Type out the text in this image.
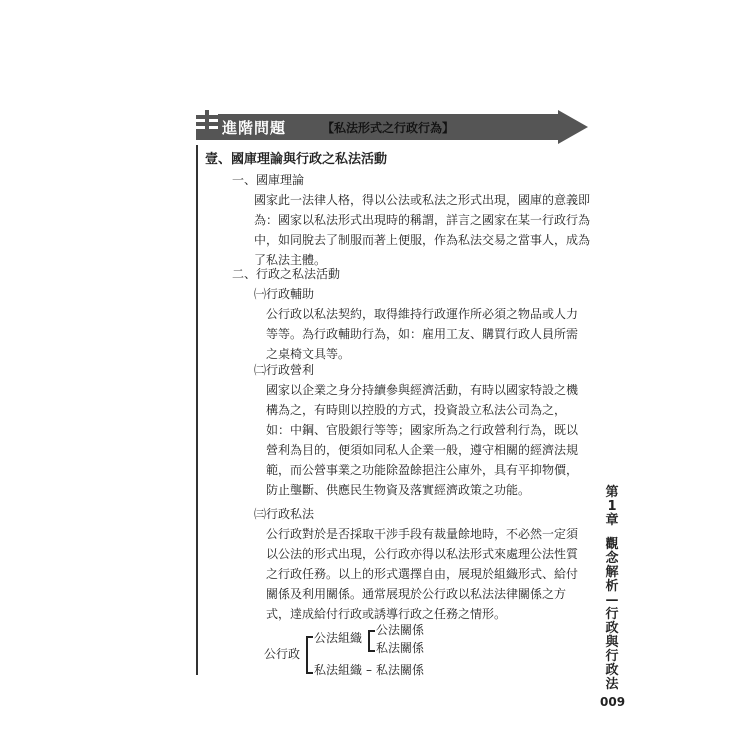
進階問題	【私法形式之行政行為】
壹、國庫理論與行政之私法活動
一、國庫理論
國家此一法律人格，得以公法或私法之形式出現，國庫的意義即為：國家以私法形式出現時的稱謂，詳言之國家在某一行政行為中，如同脫去了制服而著上便服，作為私法交易之當事人，成為了私法主體。
二、行政之私法活動
㈠行政輔助
公行政以私法契約，取得維持行政運作所必須之物品或人力等等。為行政輔助行為，如：雇用工友、購買行政人員所需之桌椅文具等。
㈡行政營利
國家以企業之身分持續參與經濟活動，有時以國家特設之機構為之，有時則以控股的方式，投資設立私法公司為之，如：中鋼、官股銀行等等；國家所為之行政營利行為，既以營利為目的，便須如同私人企業一般，遵守相關的經濟法規範，而公營事業之功能除盈餘挹注公庫外，具有平抑物價，防止壟斷、供應民生物資及落實經濟政策之功能。
㈢行政私法
公行政對於是否採取干涉手段有裁量餘地時，不必然一定須以公法的形式出現，公行政亦得以私法形式來處理公法性質之行政任務。以上的形式選擇自由，展現於組織形式、給付關係及利用關係。通常展現於公行政以私法法律關係之方式，達成給付行政或誘導行政之任務之情形。
公行政
公法組織
公法關係
私法關係
私法組織 – 私法關係
第1章
觀念解析—行政與行政法
009
